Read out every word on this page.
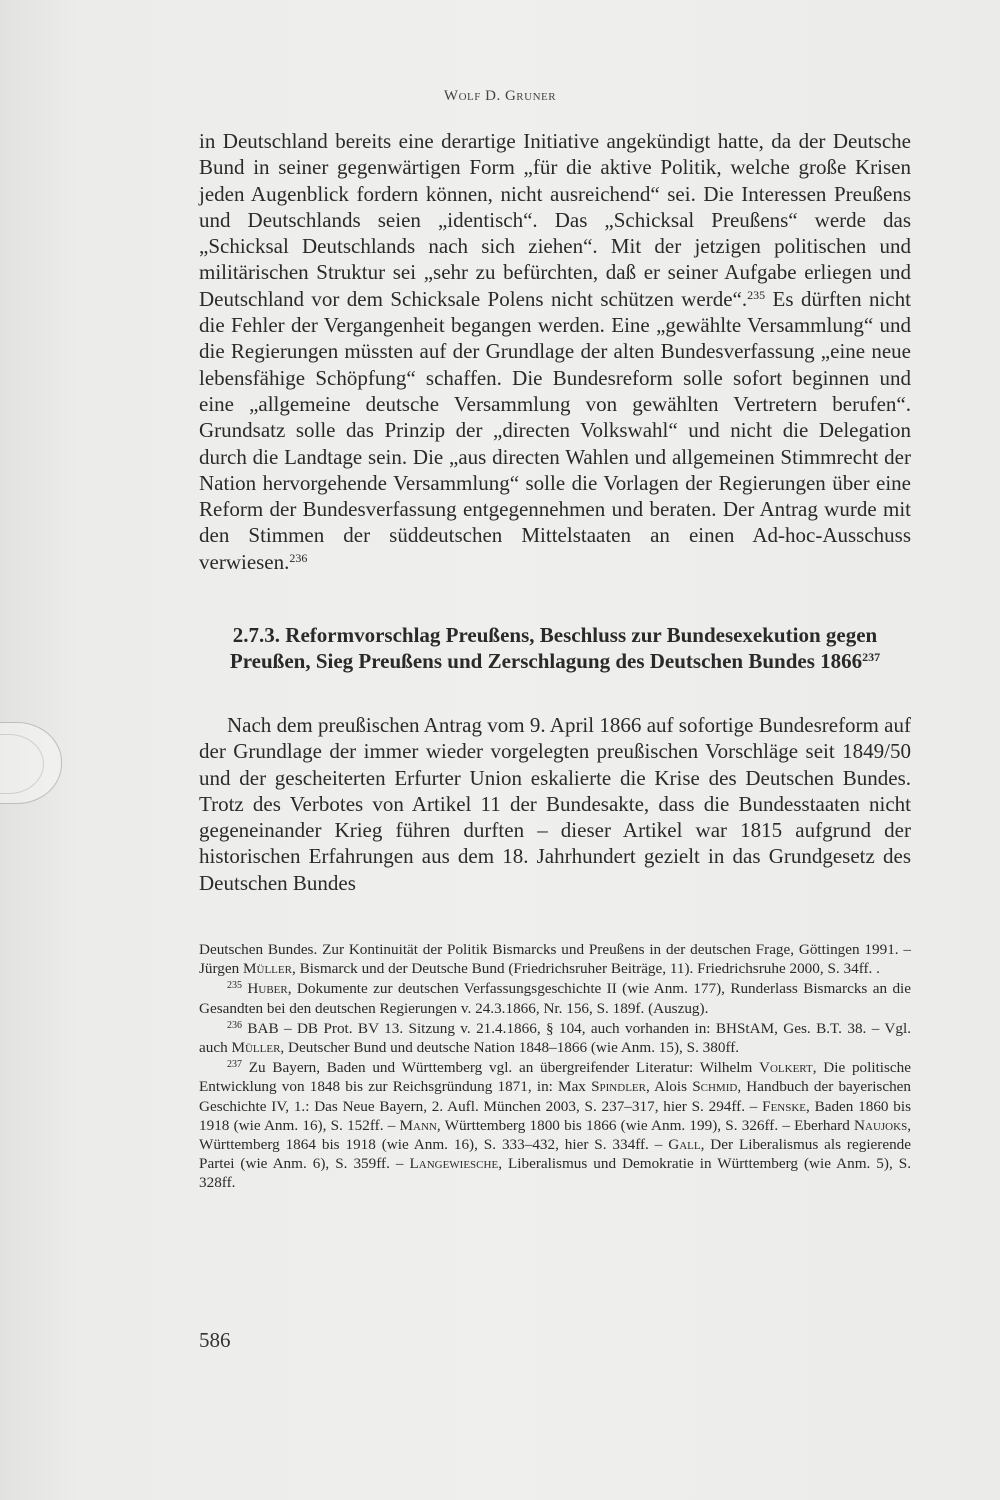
Wolf D. Gruner

in Deutschland bereits eine derartige Initiative angekündigt hatte, da der Deutsche Bund in seiner gegenwärtigen Form „für die aktive Politik, welche große Krisen jeden Augenblick fordern können, nicht ausreichend“ sei. Die Interessen Preußens und Deutschlands seien „identisch“. Das „Schicksal Preußens“ werde das „Schicksal Deutschlands nach sich ziehen“. Mit der jetzigen politischen und militärischen Struktur sei „sehr zu befürchten, daß er seiner Aufgabe erliegen und Deutschland vor dem Schicksale Polens nicht schützen werde“.$^{235}$ Es dürften nicht die Fehler der Vergangenheit begangen werden. Eine „gewählte Versammlung“ und die Regierungen müssten auf der Grundlage der alten Bundesverfassung „eine neue lebensfähige Schöpfung“ schaffen. Die Bundesreform solle sofort beginnen und eine „allgemeine deutsche Versammlung von gewählten Vertretern berufen“. Grundsatz solle das Prinzip der „directen Volkswahl“ und nicht die Delegation durch die Landtage sein. Die „aus directen Wahlen und allgemeinen Stimmrecht der Nation hervorgehende Versammlung“ solle die Vorlagen der Regierungen über eine Reform der Bundesverfassung entgegennehmen und beraten. Der Antrag wurde mit den Stimmen der süddeutschen Mittelstaaten an einen Ad-hoc-Ausschuss verwiesen.$^{236}$

2.7.3. Reformvorschlag Preußens, Beschluss zur Bundesexekution gegen Preußen, Sieg Preußens und Zerschlagung des Deutschen Bundes 1866$^{237}$

Nach dem preußischen Antrag vom 9. April 1866 auf sofortige Bundesreform auf der Grundlage der immer wieder vorgelegten preußischen Vorschläge seit 1849/50 und der gescheiterten Erfurter Union eskalierte die Krise des Deutschen Bundes. Trotz des Verbotes von Artikel 11 der Bundesakte, dass die Bundesstaaten nicht gegeneinander Krieg führen durften – dieser Artikel war 1815 aufgrund der historischen Erfahrungen aus dem 18. Jahrhundert gezielt in das Grundgesetz des Deutschen Bundes

Deutschen Bundes. Zur Kontinuität der Politik Bismarcks und Preußens in der deutschen Frage, Göttingen 1991. – Jürgen Müller, Bismarck und der Deutsche Bund (Friedrichsruher Beiträge, 11). Friedrichsruhe 2000, S. 34ff. .

$^{235}$ Huber, Dokumente zur deutschen Verfassungsgeschichte II (wie Anm. 177), Runderlass Bismarcks an die Gesandten bei den deutschen Regierungen v. 24.3.1866, Nr. 156, S. 189f. (Auszug).

$^{236}$ BAB – DB Prot. BV 13. Sitzung v. 21.4.1866, § 104, auch vorhanden in: BHStAM, Ges. B.T. 38. – Vgl. auch Müller, Deutscher Bund und deutsche Nation 1848–1866 (wie Anm. 15), S. 380ff.

$^{237}$ Zu Bayern, Baden und Württemberg vgl. an übergreifender Literatur: Wilhelm Volkert, Die politische Entwicklung von 1848 bis zur Reichsgründung 1871, in: Max Spindler, Alois Schmid, Handbuch der bayerischen Geschichte IV, 1.: Das Neue Bayern, 2. Aufl. München 2003, S. 237–317, hier S. 294ff. – Fenske, Baden 1860 bis 1918 (wie Anm. 16), S. 152ff. – Mann, Württemberg 1800 bis 1866 (wie Anm. 199), S. 326ff. – Eberhard Naujoks, Württemberg 1864 bis 1918 (wie Anm. 16), S. 333–432, hier S. 334ff. – Gall, Der Liberalismus als regierende Partei (wie Anm. 6), S. 359ff. – Langewiesche, Liberalismus und Demokratie in Württemberg (wie Anm. 5), S. 328ff.

586
